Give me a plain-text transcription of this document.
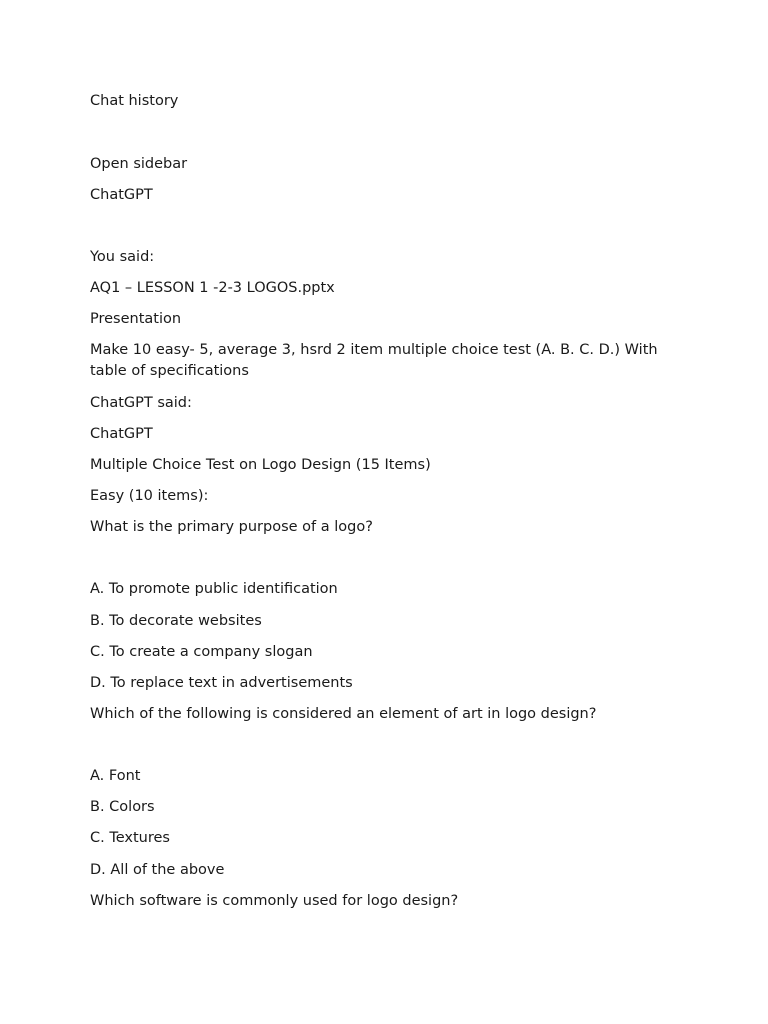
Chat history
Open sidebar
ChatGPT
You said:
AQ1 – LESSON 1 -2-3 LOGOS.pptx
Presentation
Make 10 easy- 5, average 3, hsrd 2 item multiple choice test (A. B. C. D.) With table of specifications
ChatGPT said:
ChatGPT
Multiple Choice Test on Logo Design (15 Items)
Easy (10 items):
What is the primary purpose of a logo?
A. To promote public identification
B. To decorate websites
C. To create a company slogan
D. To replace text in advertisements
Which of the following is considered an element of art in logo design?
A. Font
B. Colors
C. Textures
D. All of the above
Which software is commonly used for logo design?
